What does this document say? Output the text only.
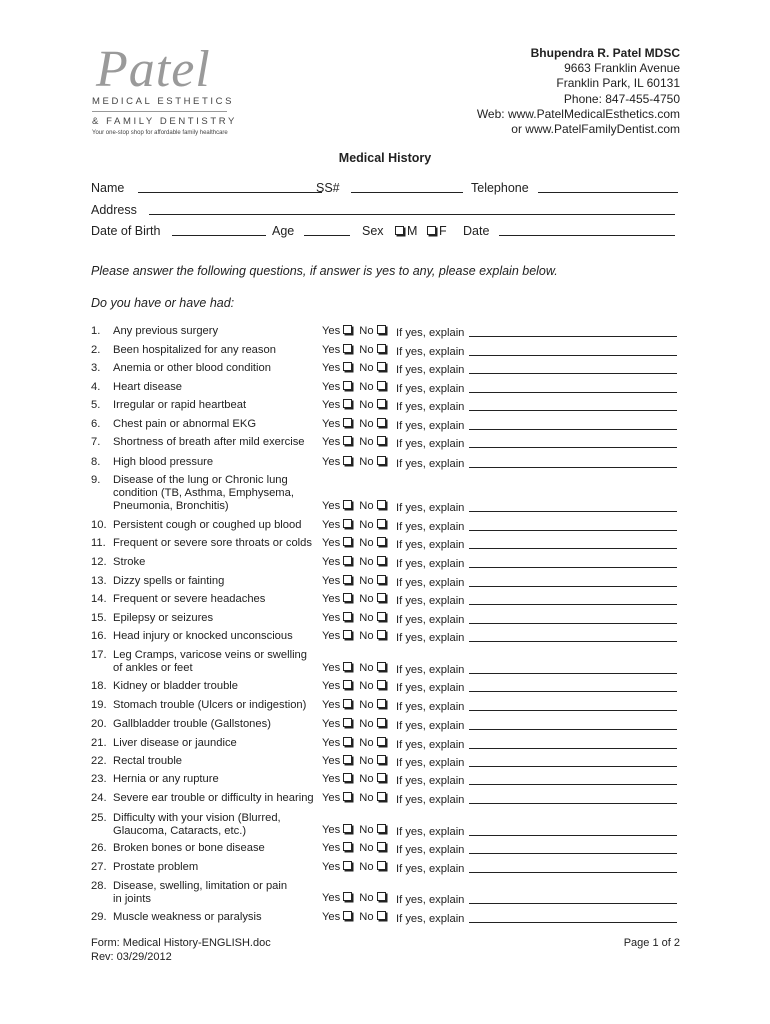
Patel
MEDICAL ESTHETICS
& FAMILY DENTISTRY
Your one-stop shop for affordable family healthcare
Bhupendra R. Patel MDSC
9663 Franklin Avenue
Franklin Park, IL 60131
Phone: 847-455-4750
Web: www.PatelMedicalEsthetics.com
or www.PatelFamilyDentist.com
Medical History
Name	SS#	Telephone
Address
Date of Birth	Age	Sex M F Date
Please answer the following questions, if answer is yes to any, please explain below.
Do you have or have had:
1. Any previous surgery	Yes No	If yes, explain
2. Been hospitalized for any reason	Yes No	If yes, explain
3. Anemia or other blood condition	Yes No	If yes, explain
4. Heart disease	Yes No	If yes, explain
5. Irregular or rapid heartbeat	Yes No	If yes, explain
6. Chest pain or abnormal EKG	Yes No	If yes, explain
7. Shortness of breath after mild exercise	Yes No	If yes, explain
8. High blood pressure	Yes No	If yes, explain
9. Disease of the lung or Chronic lung condition (TB, Asthma, Emphysema, Pneumonia, Bronchitis)	Yes No	If yes, explain
10. Persistent cough or coughed up blood	Yes No	If yes, explain
11. Frequent or severe sore throats or colds Yes No	If yes, explain
12. Stroke	Yes No	If yes, explain
13. Dizzy spells or fainting	Yes No	If yes, explain
14. Frequent or severe headaches	Yes No	If yes, explain
15. Epilepsy or seizures	Yes No	If yes, explain
16. Head injury or knocked unconscious	Yes No	If yes, explain
17. Leg Cramps, varicose veins or swelling of ankles or feet	Yes No	If yes, explain
18. Kidney or bladder trouble	Yes No	If yes, explain
19. Stomach trouble (Ulcers or indigestion)	Yes No	If yes, explain
20. Gallbladder trouble (Gallstones)	Yes No	If yes, explain
21. Liver disease or jaundice	Yes No	If yes, explain
22. Rectal trouble	Yes No	If yes, explain
23. Hernia or any rupture	Yes No	If yes, explain
24. Severe ear trouble or difficulty in hearing Yes No	If yes, explain
25. Difficulty with your vision (Blurred, Glaucoma, Cataracts, etc.)	Yes No	If yes, explain
26. Broken bones or bone disease	Yes No	If yes, explain
27. Prostate problem	Yes No	If yes, explain
28. Disease, swelling, limitation or pain in joints	Yes No	If yes, explain
29. Muscle weakness or paralysis	Yes No	If yes, explain
Form: Medical History-ENGLISH.doc
Rev: 03/29/2012
Page 1 of 2
